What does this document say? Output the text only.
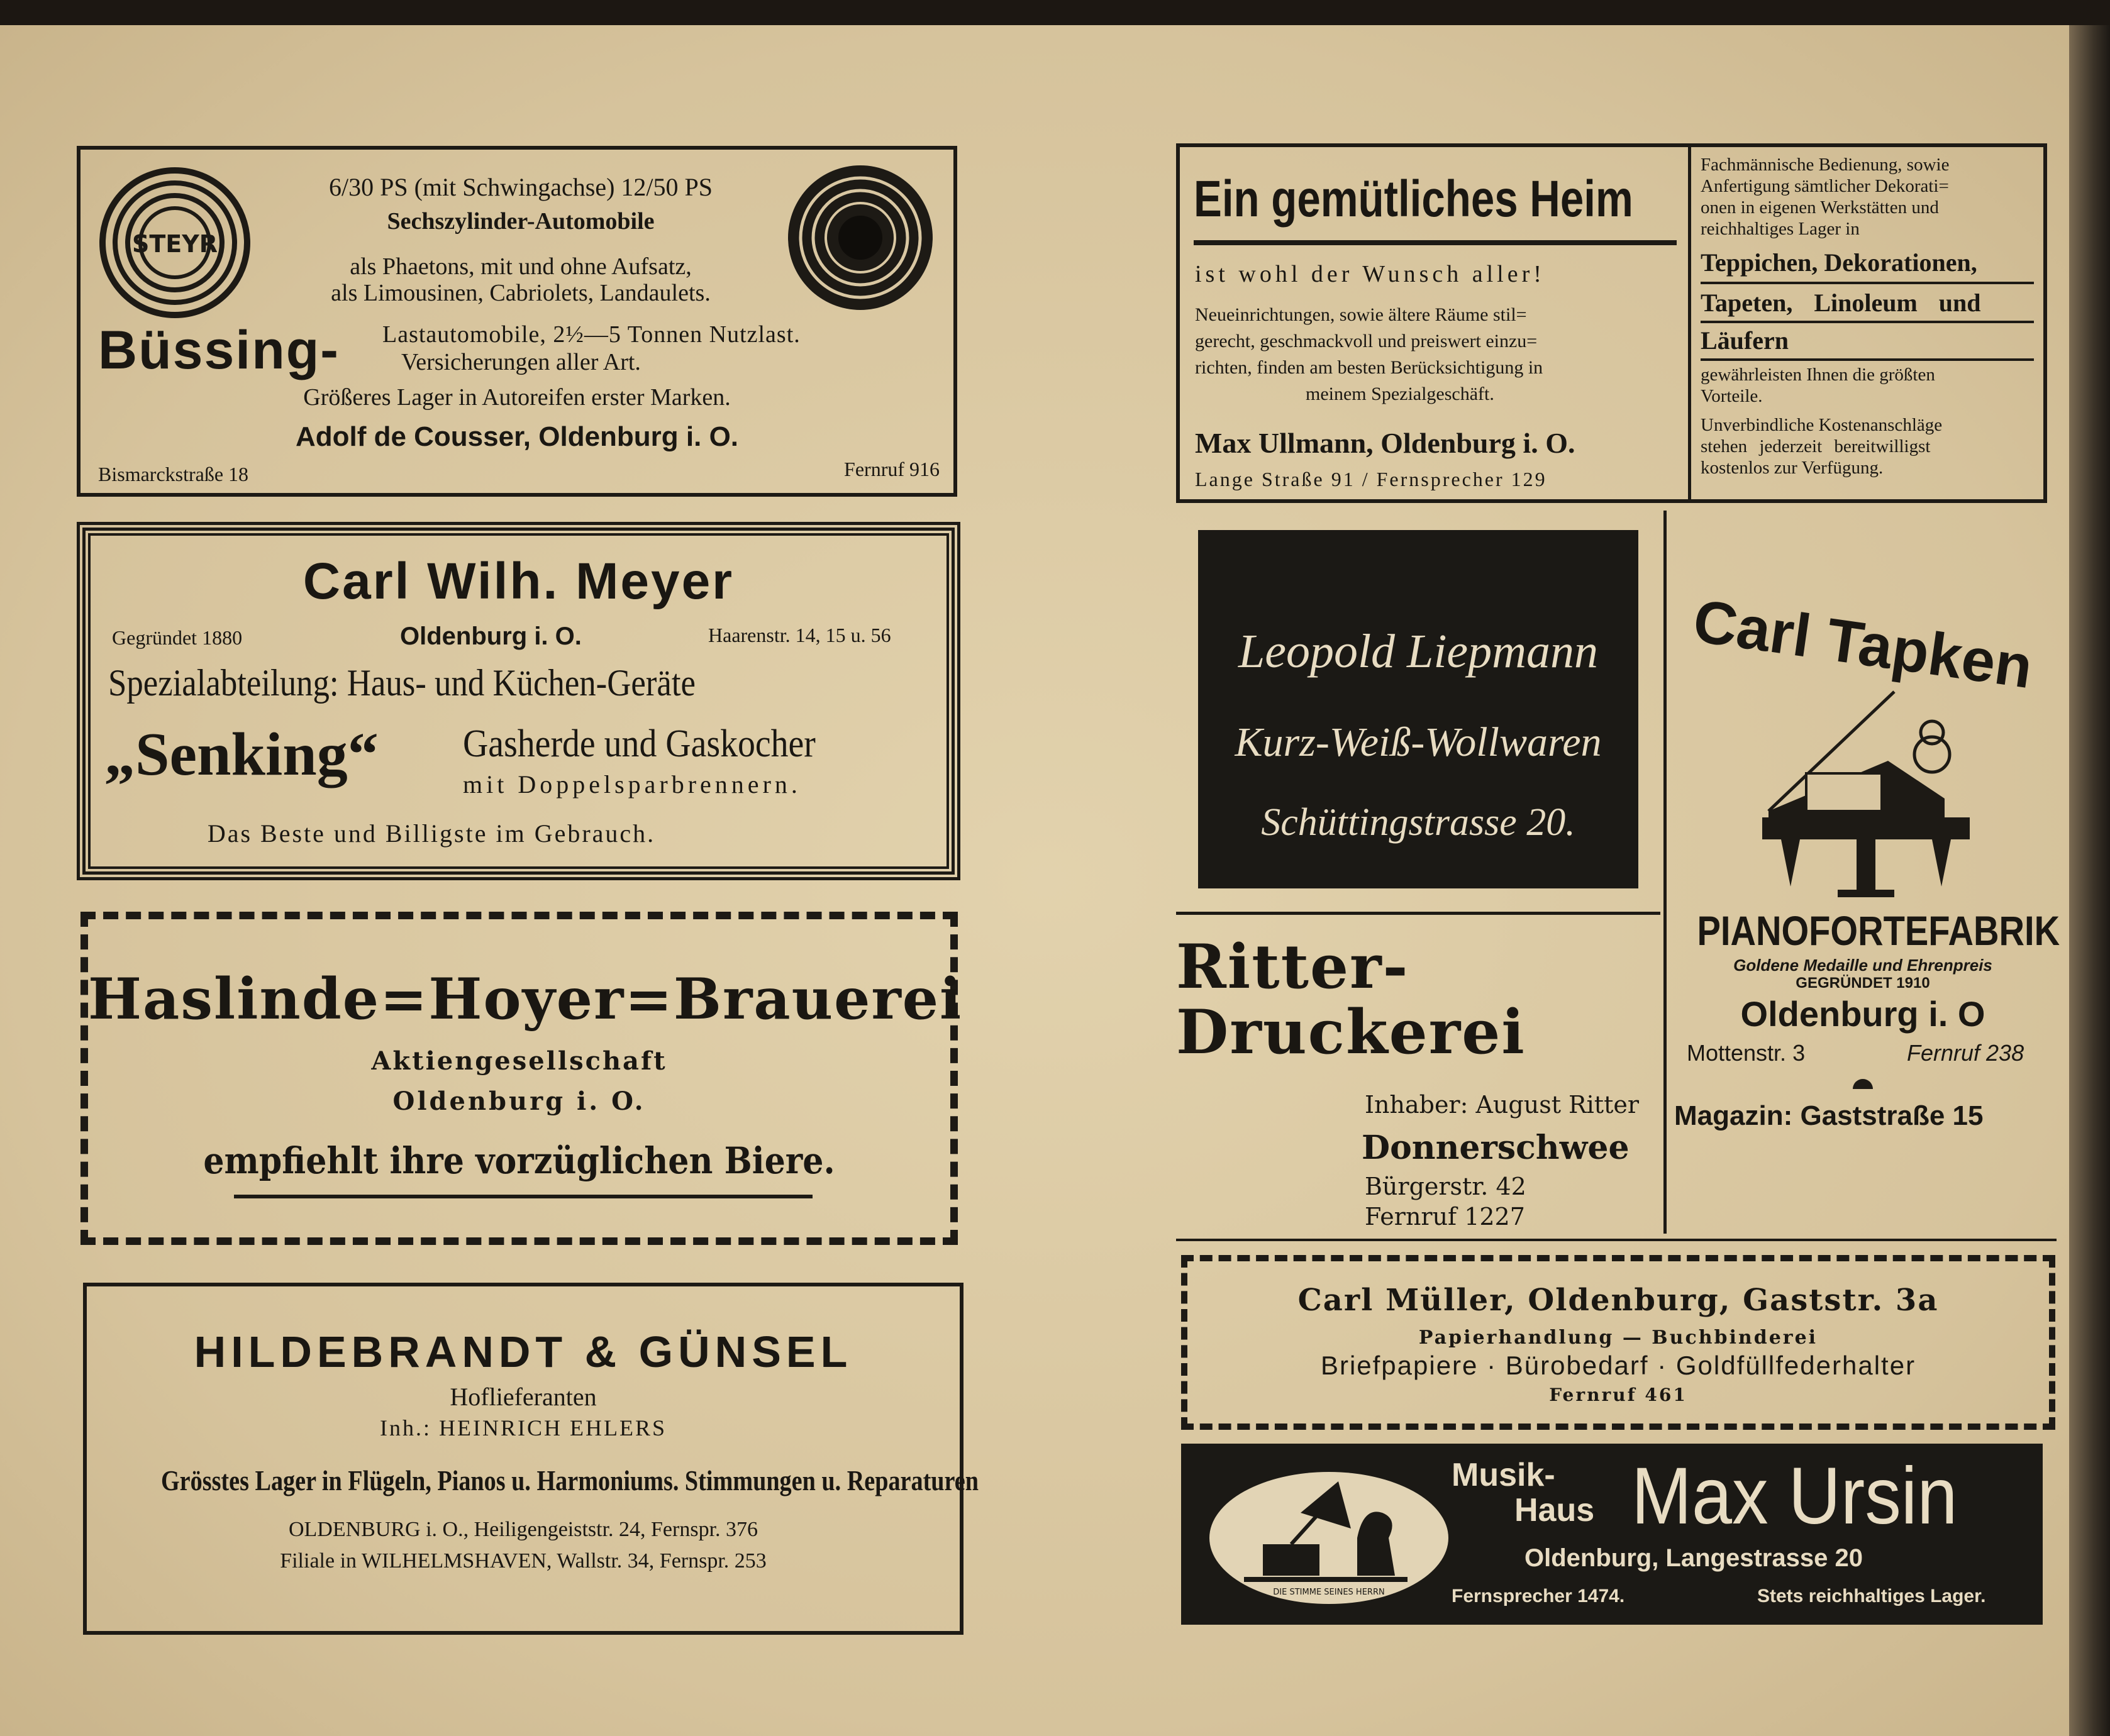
STEYR
6/30 PS (mit Schwingachse) 12/50 PS
Sechszylinder-Automobile
als Phaetons, mit und ohne Aufsatz,
als Limousinen, Cabriolets, Landaulets.
Büssing- Lastautomobile, 2½—5 Tonnen Nutzlast.
Versicherungen aller Art.
Größeres Lager in Autoreifen erster Marken.
Adolf de Cousser, Oldenburg i. O.
Bismarckstraße 18	Fernruf 916
Carl Wilh. Meyer
Gegründet 1880	Oldenburg i. O.	Haarenstr. 14, 15 u. 56
Spezialabteilung: Haus- und Küchen-Geräte
„Senking“ Gasherde und Gaskocher
mit Doppelsparbrennern.
Das Beste und Billigste im Gebrauch.
Haslinde=Hoyer=Brauerei
Aktiengesellschaft
Oldenburg i. O.
empfiehlt ihre vorzüglichen Biere.
HILDEBRANDT & GÜNSEL
Hoflieferanten
Inh.: HEINRICH EHLERS
Grösstes Lager in Flügeln, Pianos u. Harmoniums. Stimmungen u. Reparaturen
OLDENBURG i. O., Heiligengeiststr. 24, Fernspr. 376
Filiale in WILHELMSHAVEN, Wallstr. 34, Fernspr. 253
Ein gemütliches Heim
ist wohl der Wunsch aller!
Neueinrichtungen, sowie ältere Räume stil=
gerecht, geschmackvoll und preiswert einzu=
richten, finden am besten Berücksichtigung in
meinem Spezialgeschäft.
Max Ullmann, Oldenburg i. O.
Lange Straße 91 / Fernsprecher 129
Fachmännische Bedienung, sowie
Anfertigung sämtlicher Dekorati=
onen in eigenen Werkstätten und
reichhaltiges Lager in
Teppichen, Dekorationen,
Tapeten, Linoleum und
Läufern
gewährleisten Ihnen die größten
Vorteile.
Unverbindliche Kostenanschläge
stehen jederzeit bereitwilligst
kostenlos zur Verfügung.
Leopold Liepmann
Kurz-Weiß-Wollwaren
Schüttingstrasse 20.
Carl Tapken
PIANOFORTEFABRIK
Goldene Medaille und Ehrenpreis
GEGRÜNDET 1910
Oldenburg i. O
Mottenstr. 3	Fernruf 238
Magazin: Gaststraße 15
Ritter-
Druckerei
Inhaber: August Ritter
Donnerschwee
Bürgerstr. 42
Fernruf 1227
Carl Müller, Oldenburg, Gaststr. 3a
Papierhandlung — Buchbinderei
Briefpapiere · Bürobedarf · Goldfüllfederhalter
Fernruf 461
DIE STIMME SEINES HERRN
Musik-
Haus Max Ursin
Oldenburg, Langestrasse 20
Fernsprecher 1474.	Stets reichhaltiges Lager.
